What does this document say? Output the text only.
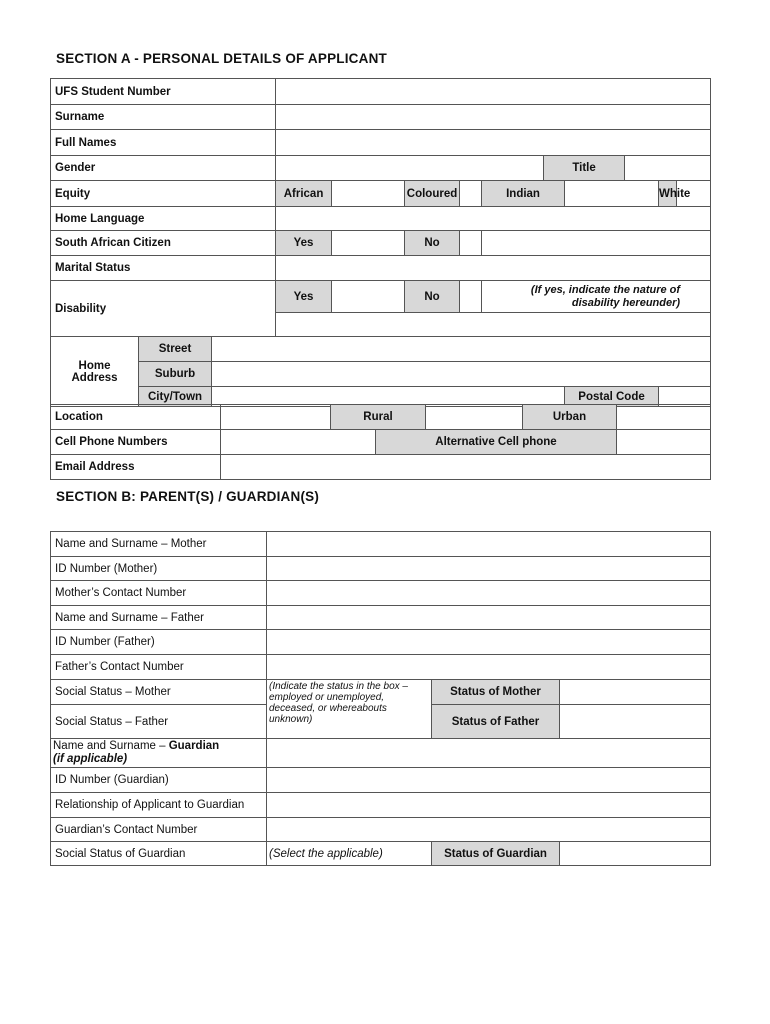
SECTION A - PERSONAL DETAILS OF APPLICANT
UFS Student Number												
Surname												
Full Names												
Gender								Title				
Equity			African		Coloured		Indian				White	
Home Language												
South African Citizen			Yes		No							
Marital Status												
Disability			Yes		No		(If yes, indicate the nature of disability hereunder)					

Home Address	Street											
	Suburb											
	City/Town								Postal Code			
Location		Rural			Urban	
Cell Phone Numbers			Alternative Cell phone			
Email Address						
SECTION B: PARENT(S) / GUARDIAN(S)
Name and Surname – Mother			
ID Number (Mother)			
Mother’s Contact Number			
Name and Surname – Father			
ID Number (Father)			
Father’s Contact Number			
Social Status – Mother	(Indicate the status in the box – employed or unemployed, deceased, or whereabouts unknown)	Status of Mother	
Social Status – Father		Status of Father	
Name and Surname – Guardian
(if applicable)			
ID Number (Guardian)			
Relationship of Applicant to Guardian			
Guardian’s Contact Number			
Social Status of Guardian	(Select the applicable)	Status of Guardian	
